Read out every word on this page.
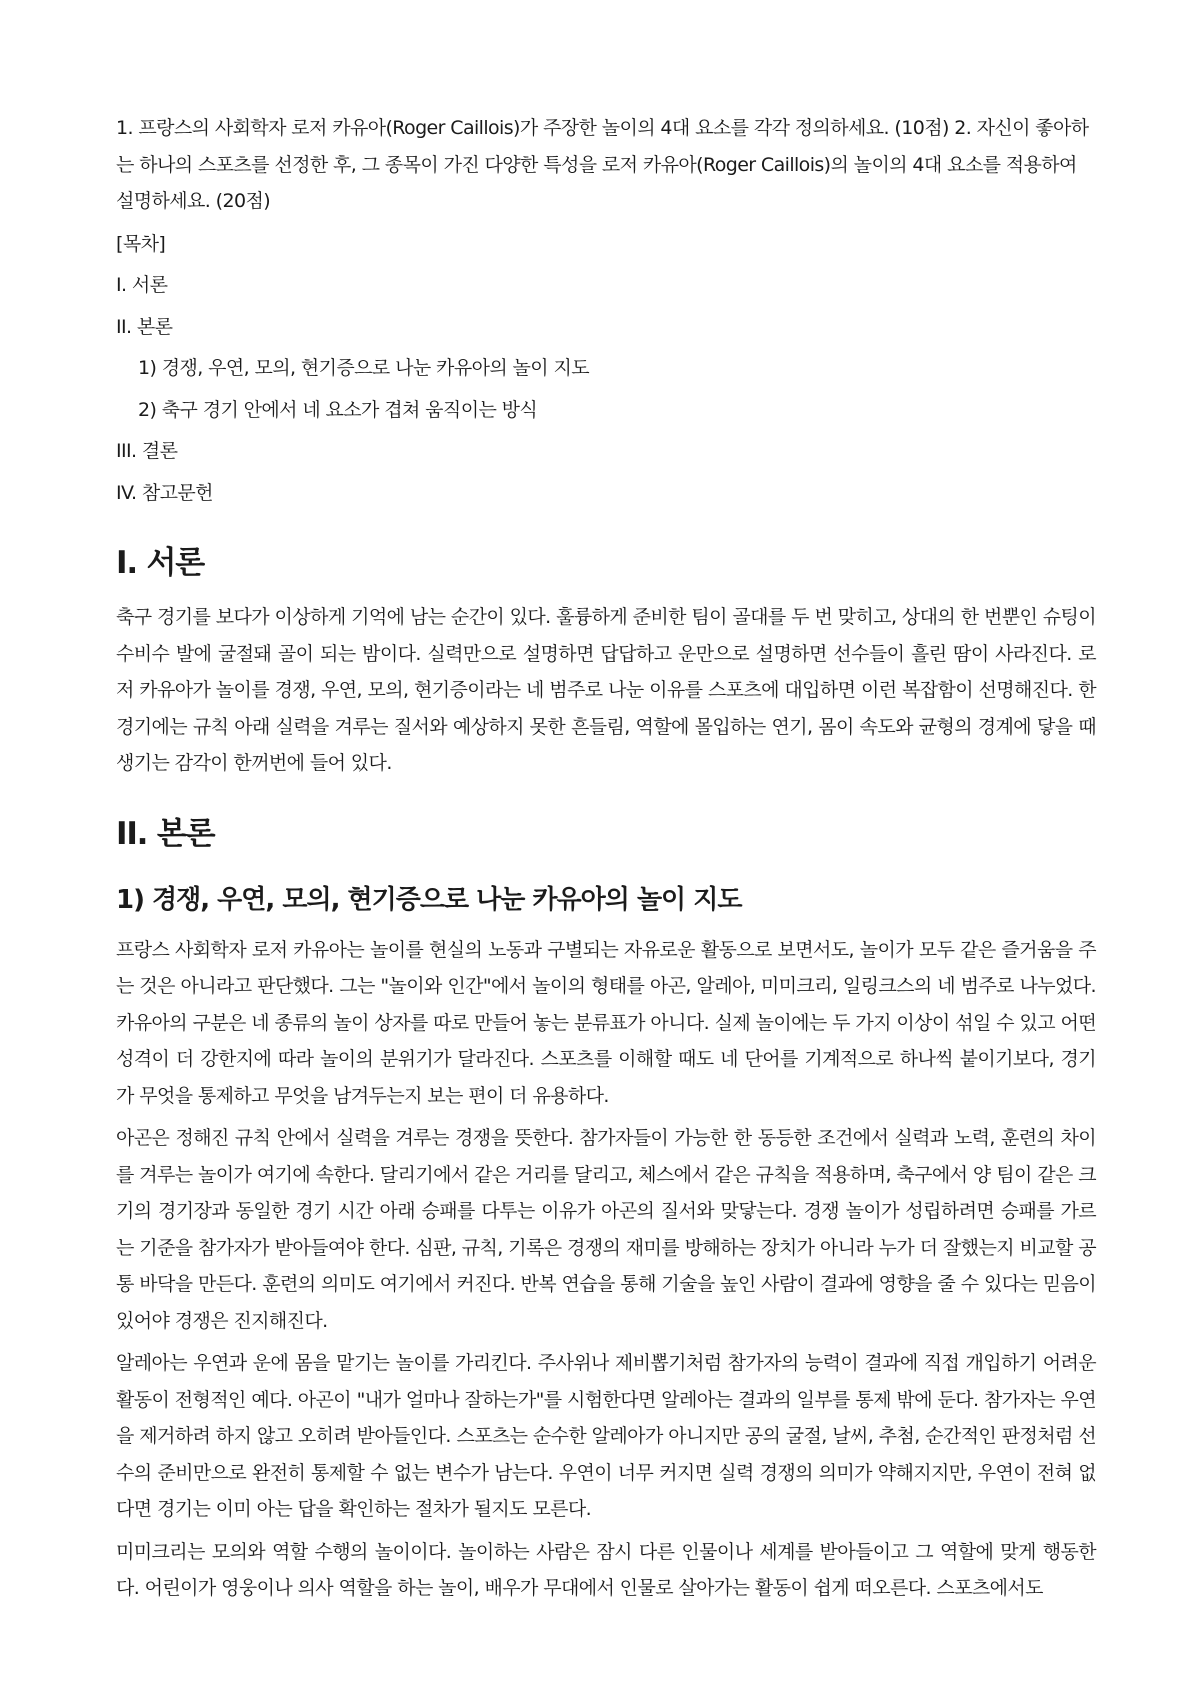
1. 프랑스의 사회학자 로저 카유아(Roger Caillois)가 주장한 놀이의 4대 요소를 각각 정의하세요. (10점) 2. 자신이 좋아하는 하나의 스포츠를 선정한 후, 그 종목이 가진 다양한 특성을 로저 카유아(Roger Caillois)의 놀이의 4대 요소를 적용하여 설명하세요. (20점)

[목차]

I. 서론

II. 본론

1) 경쟁, 우연, 모의, 현기증으로 나눈 카유아의 놀이 지도

2) 축구 경기 안에서 네 요소가 겹쳐 움직이는 방식

III. 결론

IV. 참고문헌

I. 서론

축구 경기를 보다가 이상하게 기억에 남는 순간이 있다. 훌륭하게 준비한 팀이 골대를 두 번 맞히고, 상대의 한 번뿐인 슈팅이 수비수 발에 굴절돼 골이 되는 밤이다. 실력만으로 설명하면 답답하고 운만으로 설명하면 선수들이 흘린 땀이 사라진다. 로저 카유아가 놀이를 경쟁, 우연, 모의, 현기증이라는 네 범주로 나눈 이유를 스포츠에 대입하면 이런 복잡함이 선명해진다. 한 경기에는 규칙 아래 실력을 겨루는 질서와 예상하지 못한 흔들림, 역할에 몰입하는 연기, 몸이 속도와 균형의 경계에 닿을 때 생기는 감각이 한꺼번에 들어 있다.

II. 본론
1) 경쟁, 우연, 모의, 현기증으로 나눈 카유아의 놀이 지도

프랑스 사회학자 로저 카유아는 놀이를 현실의 노동과 구별되는 자유로운 활동으로 보면서도, 놀이가 모두 같은 즐거움을 주는 것은 아니라고 판단했다. 그는 "놀이와 인간"에서 놀이의 형태를 아곤, 알레아, 미미크리, 일링크스의 네 범주로 나누었다. 카유아의 구분은 네 종류의 놀이 상자를 따로 만들어 놓는 분류표가 아니다. 실제 놀이에는 두 가지 이상이 섞일 수 있고 어떤 성격이 더 강한지에 따라 놀이의 분위기가 달라진다. 스포츠를 이해할 때도 네 단어를 기계적으로 하나씩 붙이기보다, 경기가 무엇을 통제하고 무엇을 남겨두는지 보는 편이 더 유용하다.

아곤은 정해진 규칙 안에서 실력을 겨루는 경쟁을 뜻한다. 참가자들이 가능한 한 동등한 조건에서 실력과 노력, 훈련의 차이를 겨루는 놀이가 여기에 속한다. 달리기에서 같은 거리를 달리고, 체스에서 같은 규칙을 적용하며, 축구에서 양 팀이 같은 크기의 경기장과 동일한 경기 시간 아래 승패를 다투는 이유가 아곤의 질서와 맞닿는다. 경쟁 놀이가 성립하려면 승패를 가르는 기준을 참가자가 받아들여야 한다. 심판, 규칙, 기록은 경쟁의 재미를 방해하는 장치가 아니라 누가 더 잘했는지 비교할 공통 바닥을 만든다. 훈련의 의미도 여기에서 커진다. 반복 연습을 통해 기술을 높인 사람이 결과에 영향을 줄 수 있다는 믿음이 있어야 경쟁은 진지해진다.

알레아는 우연과 운에 몸을 맡기는 놀이를 가리킨다. 주사위나 제비뽑기처럼 참가자의 능력이 결과에 직접 개입하기 어려운 활동이 전형적인 예다. 아곤이 "내가 얼마나 잘하는가"를 시험한다면 알레아는 결과의 일부를 통제 밖에 둔다. 참가자는 우연을 제거하려 하지 않고 오히려 받아들인다. 스포츠는 순수한 알레아가 아니지만 공의 굴절, 날씨, 추첨, 순간적인 판정처럼 선수의 준비만으로 완전히 통제할 수 없는 변수가 남는다. 우연이 너무 커지면 실력 경쟁의 의미가 약해지지만, 우연이 전혀 없다면 경기는 이미 아는 답을 확인하는 절차가 될지도 모른다.

미미크리는 모의와 역할 수행의 놀이이다. 놀이하는 사람은 잠시 다른 인물이나 세계를 받아들이고 그 역할에 맞게 행동한다. 어린이가 영웅이나 의사 역할을 하는 놀이, 배우가 무대에서 인물로 살아가는 활동이 쉽게 떠오른다. 스포츠에서도
